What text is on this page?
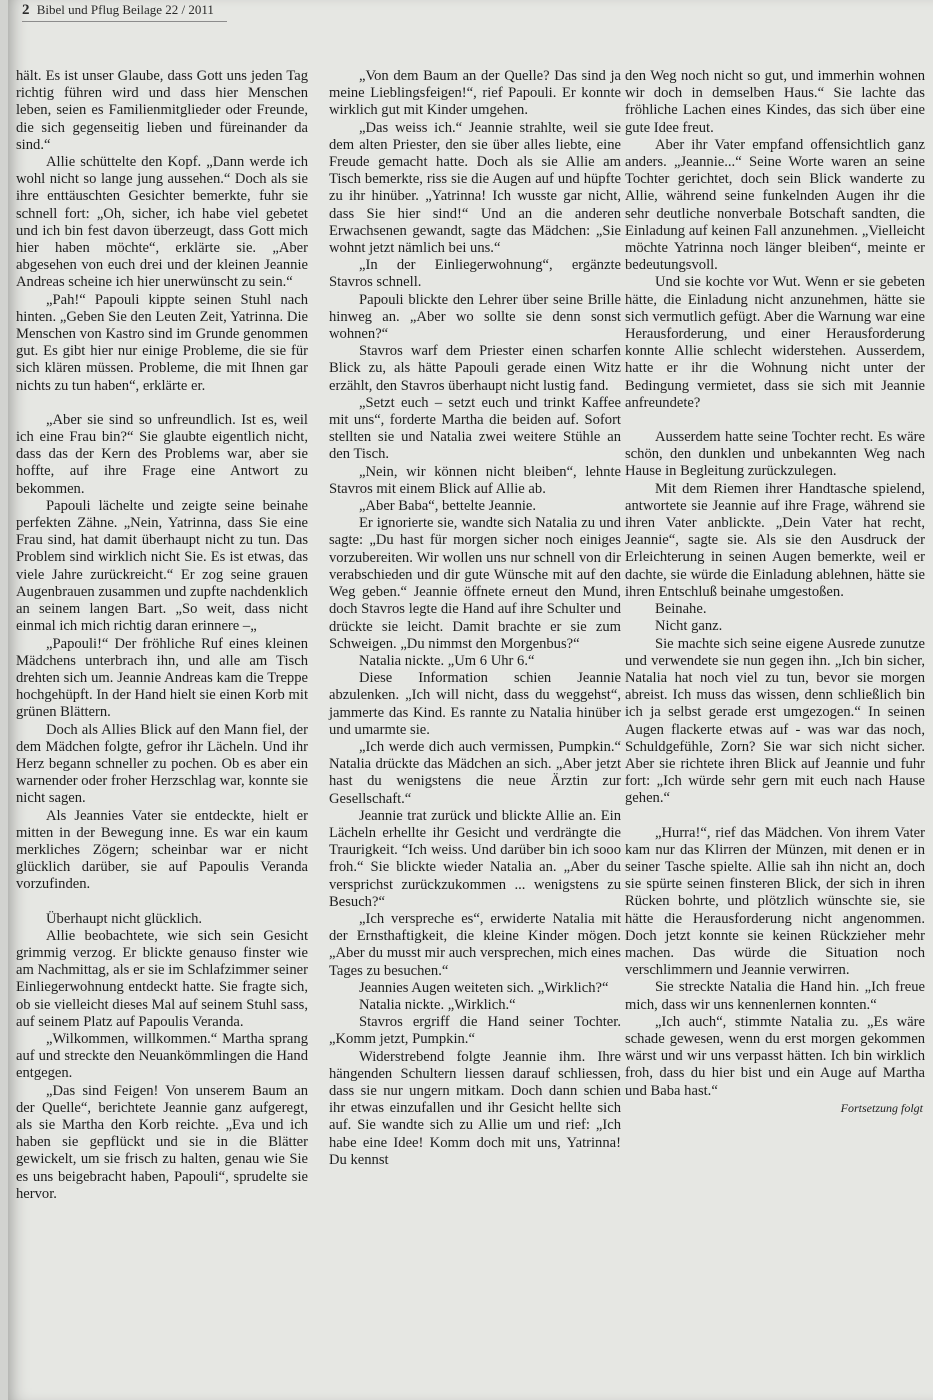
2 Bibel und Pflug Beilage 22 / 2011

hält. Es ist unser Glaube, dass Gott uns jeden Tag richtig führen wird und dass hier Menschen leben, seien es Familienmitglieder oder Freunde, die sich gegenseitig lieben und füreinander da sind.“

Allie schüttelte den Kopf. „Dann werde ich wohl nicht so lange jung aussehen.“ Doch als sie ihre enttäuschten Gesichter bemerkte, fuhr sie schnell fort: „Oh, sicher, ich habe viel gebetet und ich bin fest davon überzeugt, dass Gott mich hier haben möchte“, erklärte sie. „Aber abgesehen von euch drei und der kleinen Jeannie Andreas scheine ich hier unerwünscht zu sein.“

„Pah!“ Papouli kippte seinen Stuhl nach hinten. „Geben Sie den Leuten Zeit, Yatrinna. Die Menschen von Kastro sind im Grunde genommen gut. Es gibt hier nur einige Probleme, die sie für sich klären müssen. Probleme, die mit Ihnen gar nichts zu tun haben“, erklärte er.

„Aber sie sind so unfreundlich. Ist es, weil ich eine Frau bin?“ Sie glaubte eigentlich nicht, dass das der Kern des Problems war, aber sie hoffte, auf ihre Frage eine Antwort zu bekommen.

Papouli lächelte und zeigte seine beinahe perfekten Zähne. „Nein, Yatrinna, dass Sie eine Frau sind, hat damit überhaupt nicht zu tun. Das Problem sind wirklich nicht Sie. Es ist etwas, das viele Jahre zurückreicht.“ Er zog seine grauen Augenbrauen zusammen und zupfte nachdenklich an seinem langen Bart. „So weit, dass nicht einmal ich mich richtig daran erinnere –„

„Papouli!“ Der fröhliche Ruf eines kleinen Mädchens unterbrach ihn, und alle am Tisch drehten sich um. Jeannie Andreas kam die Treppe hochgehüpft. In der Hand hielt sie einen Korb mit grünen Blättern.

Doch als Allies Blick auf den Mann fiel, der dem Mädchen folgte, gefror ihr Lächeln. Und ihr Herz begann schneller zu pochen. Ob es aber ein warnender oder froher Herzschlag war, konnte sie nicht sagen.

Als Jeannies Vater sie entdeckte, hielt er mitten in der Bewegung inne. Es war ein kaum merkliches Zögern; scheinbar war er nicht glücklich darüber, sie auf Papoulis Veranda vorzufinden.

Überhaupt nicht glücklich.

Allie beobachtete, wie sich sein Gesicht grimmig verzog. Er blickte genauso finster wie am Nachmittag, als er sie im Schlafzimmer seiner Einliegerwohnung entdeckt hatte. Sie fragte sich, ob sie vielleicht dieses Mal auf seinem Stuhl sass, auf seinem Platz auf Papoulis Veranda.

„Wilkommen, willkommen.“ Martha sprang auf und streckte den Neuankömmlingen die Hand entgegen.

„Das sind Feigen! Von unserem Baum an der Quelle“, berichtete Jeannie ganz aufgeregt, als sie Martha den Korb reichte. „Eva und ich haben sie gepflückt und sie in die Blätter gewickelt, um sie frisch zu halten, genau wie Sie es uns beigebracht haben, Papouli“, sprudelte sie hervor.

„Von dem Baum an der Quelle? Das sind ja meine Lieblingsfeigen!“, rief Papouli. Er konnte wirklich gut mit Kinder umgehen.

„Das weiss ich.“ Jeannie strahlte, weil sie dem alten Priester, den sie über alles liebte, eine Freude gemacht hatte. Doch als sie Allie am Tisch bemerkte, riss sie die Augen auf und hüpfte zu ihr hinüber. „Yatrinna! Ich wusste gar nicht, dass Sie hier sind!“ Und an die anderen Erwachsenen gewandt, sagte das Mädchen: „Sie wohnt jetzt nämlich bei uns.“

„In der Einliegerwohnung“, ergänzte Stavros schnell.

Papouli blickte den Lehrer über seine Brille hinweg an. „Aber wo sollte sie denn sonst wohnen?“

Stavros warf dem Priester einen scharfen Blick zu, als hätte Papouli gerade einen Witz erzählt, den Stavros überhaupt nicht lustig fand.

„Setzt euch – setzt euch und trinkt Kaffee mit uns“, forderte Martha die beiden auf. Sofort stellten sie und Natalia zwei weitere Stühle an den Tisch.

„Nein, wir können nicht bleiben“, lehnte Stavros mit einem Blick auf Allie ab.

„Aber Baba“, bettelte Jeannie.

Er ignorierte sie, wandte sich Natalia zu und sagte: „Du hast für morgen sicher noch einiges vorzubereiten. Wir wollen uns nur schnell von dir verabschieden und dir gute Wünsche mit auf den Weg geben.“ Jeannie öffnete erneut den Mund, doch Stavros legte die Hand auf ihre Schulter und drückte sie leicht. Damit brachte er sie zum Schweigen. „Du nimmst den Morgenbus?“

Natalia nickte. „Um 6 Uhr 6.“

Diese Information schien Jeannie abzulenken. „Ich will nicht, dass du weggehst“, jammerte das Kind. Es rannte zu Natalia hinüber und umarmte sie.

„Ich werde dich auch vermissen, Pumpkin.“ Natalia drückte das Mädchen an sich. „Aber jetzt hast du wenigstens die neue Ärztin zur Gesellschaft.“

Jeannie trat zurück und blickte Allie an. Ein Lächeln erhellte ihr Gesicht und verdrängte die Traurigkeit. “Ich weiss. Und darüber bin ich sooo froh.“ Sie blickte wieder Natalia an. „Aber du versprichst zurückzukommen ... wenigstens zu Besuch?“

„Ich verspreche es“, erwiderte Natalia mit der Ernsthaftigkeit, die kleine Kinder mögen. „Aber du musst mir auch versprechen, mich eines Tages zu besuchen.“

Jeannies Augen weiteten sich. „Wirklich?“

Natalia nickte. „Wirklich.“

Stavros ergriff die Hand seiner Tochter. „Komm jetzt, Pumpkin.“

Widerstrebend folgte Jeannie ihm. Ihre hängenden Schultern liessen darauf schliessen, dass sie nur ungern mitkam. Doch dann schien ihr etwas einzufallen und ihr Gesicht hellte sich auf. Sie wandte sich zu Allie um und rief: „Ich habe eine Idee! Komm doch mit uns, Yatrinna! Du kennst

den Weg noch nicht so gut, und immerhin wohnen wir doch in demselben Haus.“ Sie lachte das fröhliche Lachen eines Kindes, das sich über eine gute Idee freut.

Aber ihr Vater empfand offensichtlich ganz anders. „Jeannie...“ Seine Worte waren an seine Tochter gerichtet, doch sein Blick wanderte zu Allie, während seine funkelnden Augen ihr die sehr deutliche nonverbale Botschaft sandten, die Einladung auf keinen Fall anzunehmen. „Vielleicht möchte Yatrinna noch länger bleiben“, meinte er bedeutungsvoll.

Und sie kochte vor Wut. Wenn er sie gebeten hätte, die Einladung nicht anzunehmen, hätte sie sich vermutlich gefügt. Aber die Warnung war eine Herausforderung, und einer Herausforderung konnte Allie schlecht widerstehen. Ausserdem, hatte er ihr die Wohnung nicht unter der Bedingung vermietet, dass sie sich mit Jeannie anfreundete?

Ausserdem hatte seine Tochter recht. Es wäre schön, den dunklen und unbekannten Weg nach Hause in Begleitung zurückzulegen.

Mit dem Riemen ihrer Handtasche spielend, antwortete sie Jeannie auf ihre Frage, während sie ihren Vater anblickte. „Dein Vater hat recht, Jeannie“, sagte sie. Als sie den Ausdruck der Erleichterung in seinen Augen bemerkte, weil er dachte, sie würde die Einladung ablehnen, hätte sie ihren Entschluß beinahe umgestoßen.

Beinahe.

Nicht ganz.

Sie machte sich seine eigene Ausrede zunutze und verwendete sie nun gegen ihn. „Ich bin sicher, Natalia hat noch viel zu tun, bevor sie morgen abreist. Ich muss das wissen, denn schließlich bin ich ja selbst gerade erst umgezogen.“ In seinen Augen flackerte etwas auf - was war das noch, Schuldgefühle, Zorn? Sie war sich nicht sicher. Aber sie richtete ihren Blick auf Jeannie und fuhr fort: „Ich würde sehr gern mit euch nach Hause gehen.“

„Hurra!“, rief das Mädchen. Von ihrem Vater kam nur das Klirren der Münzen, mit denen er in seiner Tasche spielte. Allie sah ihn nicht an, doch sie spürte seinen finsteren Blick, der sich in ihren Rücken bohrte, und plötzlich wünschte sie, sie hätte die Herausforderung nicht angenommen. Doch jetzt konnte sie keinen Rückzieher mehr machen. Das würde die Situation noch verschlimmern und Jeannie verwirren.

Sie streckte Natalia die Hand hin. „Ich freue mich, dass wir uns kennenlernen konnten.“

„Ich auch“, stimmte Natalia zu. „Es wäre schade gewesen, wenn du erst morgen gekommen wärst und wir uns verpasst hätten. Ich bin wirklich froh, dass du hier bist und ein Auge auf Martha und Baba hast.“

Fortsetzung folgt
